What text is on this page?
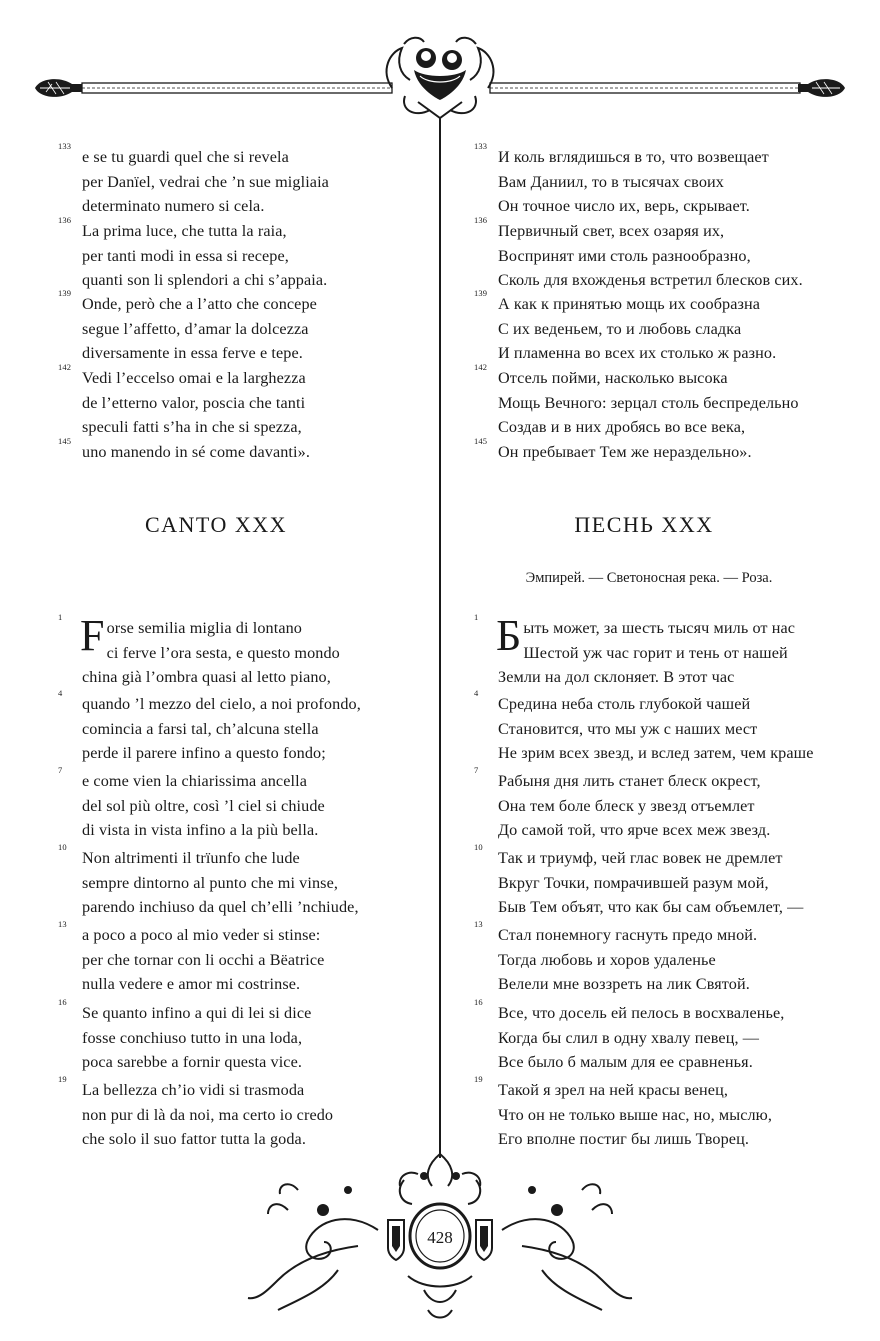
133
e se tu guardi quel che si revela
per Danïel, vedrai che ’n sue migliaia
determinato numero si cela.
136
La prima luce, che tutta la raia,
per tanti modi in essa si recepe,
quanti son li splendori a chi s’appaia.
139
Onde, però che a l’atto che concepe
segue l’affetto, d’amar la dolcezza
diversamente in essa ferve e tepe.
142
Vedi l’eccelso omai e la larghezza
de l’etterno valor, poscia che tanti
speculi fatti s’ha in che si spezza,
145
uno manendo in sé come davanti».
CANTO XXX
1 F orse semilia miglia di lontano
ci ferve l’ora sesta, e questo mondo
china già l’ombra quasi al letto piano,
4
quando ’l mezzo del cielo, a noi profondo,
comincia a farsi tal, ch’alcuna stella
perde il parere infino a questo fondo;
7
e come vien la chiarissima ancella
del sol più oltre, così ’l ciel si chiude
di vista in vista infino a la più bella.
10
Non altrimenti il trïunfo che lude
sempre dintorno al punto che mi vinse,
parendo inchiuso da quel ch’elli ’nchiude,
13
a poco a poco al mio veder si stinse:
per che tornar con li occhi a Bëatrice
nulla vedere e amor mi costrinse.
16
Se quanto infino a qui di lei si dice
fosse conchiuso tutto in una loda,
poca sarebbe a fornir questa vice.
19
La bellezza ch’io vidi si trasmoda
non pur di là da noi, ma certo io credo
che solo il suo fattor tutta la goda.
133
И коль вглядишься в то, что возвещает
Вам Даниил, то в тысячах своих
Он точное число их, верь, скрывает.
136
Первичный свет, всех озаряя их,
Воспринят ими столь разнообразно,
Сколь для вхожденья встретил блесков сих.
139
А как к принятью мощь их сообразна
С их веденьем, то и любовь сладка
И пламенна во всех их столько ж разно.
142
Отсель пойми, насколько высока
Мощь Вечного: зерцал столь беспредельно
Создав и в них дробясь во все века,
145
Он пребывает Тем же нераздельно».
ПЕСНЬ XXX
Эмпирей. — Светоносная река. — Роза.
1 Б ыть может, за шесть тысяч миль от нас
Шестой уж час горит и тень от нашей
Земли на дол склоняет. В этот час
4
Средина неба столь глубокой чашей
Становится, что мы уж с наших мест
Не зрим всех звезд, и вслед затем, чем краше
7
Рабыня дня лить станет блеск окрест,
Она тем боле блеск у звезд отъемлет
До самой той, что ярче всех меж звезд.
10
Так и триумф, чей глас вовек не дремлет
Вкруг Точки, помрачившей разум мой,
Быв Тем объят, что как бы сам объемлет, —
13
Стал понемногу гаснуть предо мной.
Тогда любовь и хоров удаленье
Велели мне воззреть на лик Святой.
16
Все, что досель ей пелось в восхваленье,
Когда бы слил в одну хвалу певец, —
Все было б малым для ее сравненья.
19
Такой я зрел на ней красы венец,
Что он не только выше нас, но, мыслю,
Его вполне постиг бы лишь Творец.
428
